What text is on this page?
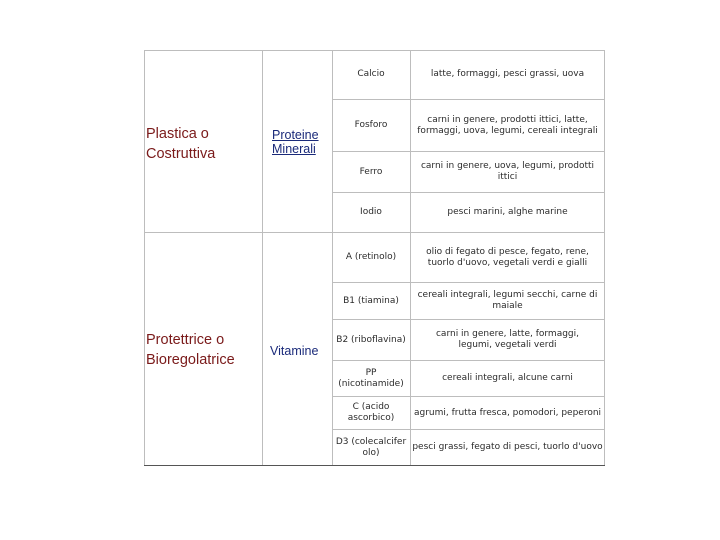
Plastica o Costruttiva
Proteine Minerali
Calcio	latte, formaggi, pesci grassi, uova
Fosforo
carni in genere, prodotti ittici, latte, formaggi, uova, legumi, cereali integrali
Ferro
carni in genere, uova, legumi, prodotti ittici
Iodio	pesci marini, alghe marine
Protettrice o Bioregolatrice
Vitamine
A (retinolo)
olio di fegato di pesce, fegato, rene, tuorlo d'uovo, vegetali verdi e gialli
B1 (tiamina)
cereali integrali, legumi secchi, carne di maiale
B2 (riboflavina)
carni in genere, latte, formaggi, legumi, vegetali verdi
PP (nicotinamide)
cereali integrali, alcune carni
C (acido ascorbico)
agrumi, frutta fresca, pomodori, peperoni
D3 (colecalciferolo)
pesci grassi, fegato di pesci, tuorlo d'uovo
